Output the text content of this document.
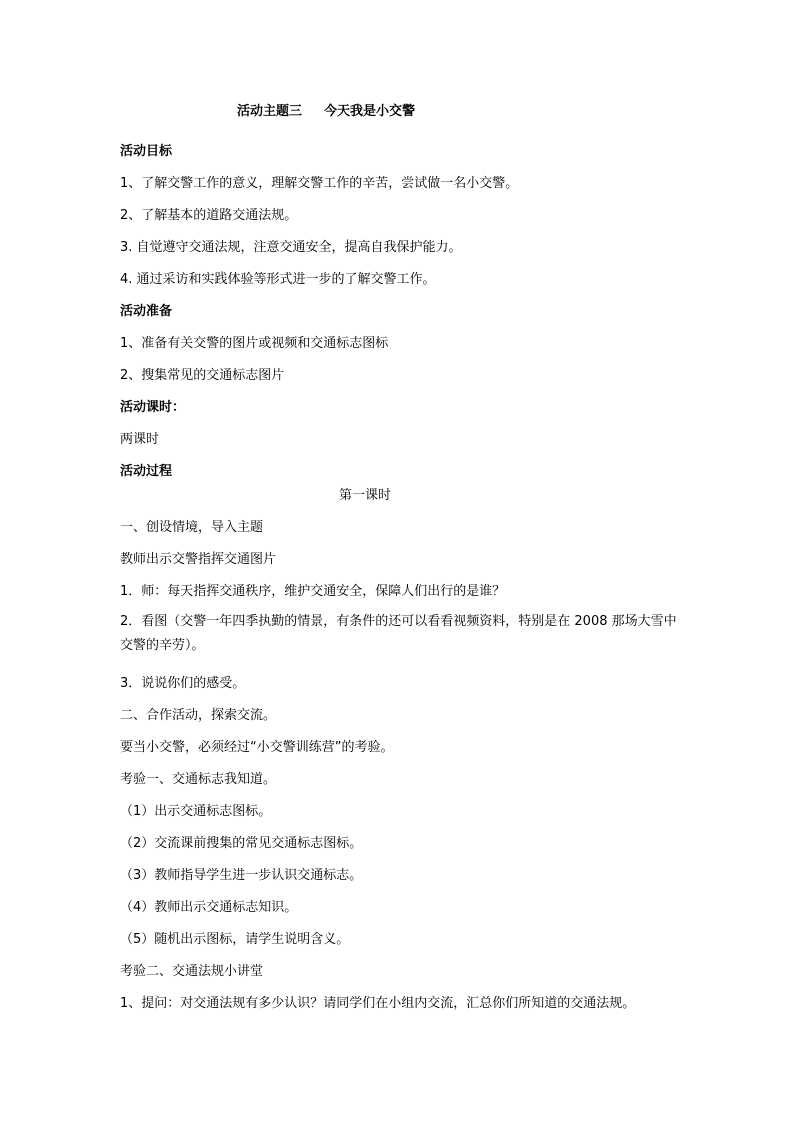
活动主题三 今天我是小交警
活动目标
1、了解交警工作的意义，理解交警工作的辛苦，尝试做一名小交警。
2、了解基本的道路交通法规。
3. 自觉遵守交通法规，注意交通安全，提高自我保护能力。
4. 通过采访和实践体验等形式进一步的了解交警工作。
活动准备
1、准备有关交警的图片或视频和交通标志图标
2、搜集常见的交通标志图片
活动课时：
两课时
活动过程
第一课时
一、创设情境，导入主题
教师出示交警指挥交通图片
1．师：每天指挥交通秩序，维护交通安全，保障人们出行的是谁？
2．看图（交警一年四季执勤的情景，有条件的还可以看看视频资料，特别是在 2008 那场大雪中交警的辛劳）。
3．说说你们的感受。
二、合作活动，探索交流。
要当小交警，必须经过“小交警训练营”的考验。
考验一、交通标志我知道。
（1）出示交通标志图标。
（2）交流课前搜集的常见交通标志图标。
（3）教师指导学生进一步认识交通标志。
（4）教师出示交通标志知识。
（5）随机出示图标，请学生说明含义。
考验二、交通法规小讲堂
1、提问：对交通法规有多少认识？请同学们在小组内交流，汇总你们所知道的交通法规。
